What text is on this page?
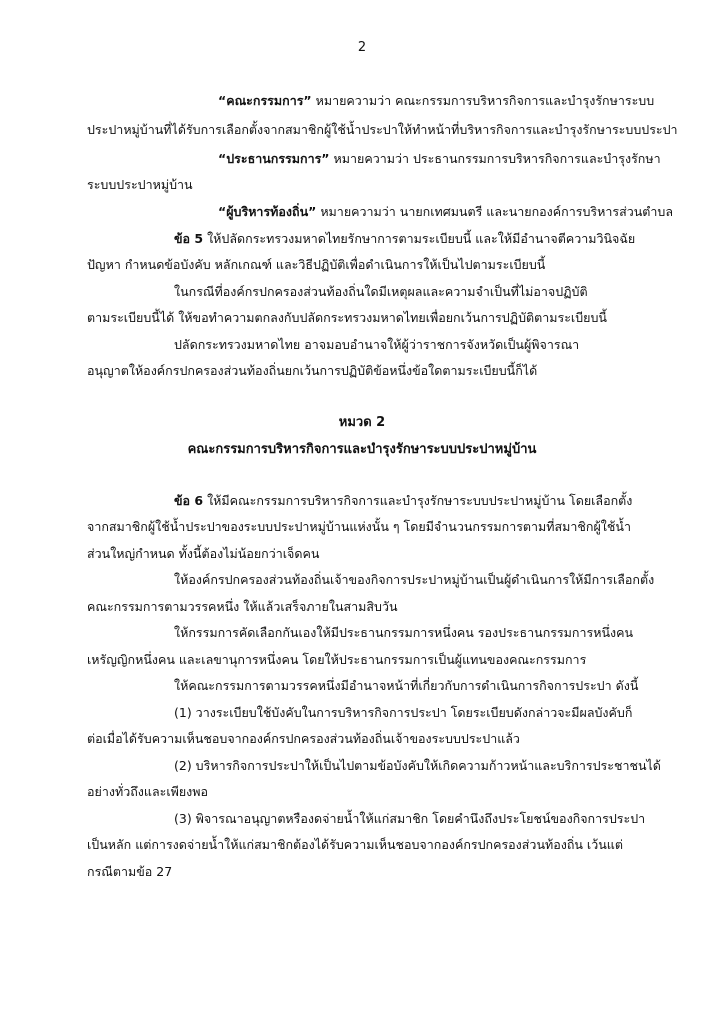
2
“คณะกรรมการ” หมายความว่า คณะกรรมการบริหารกิจการและบำรุงรักษาระบบ
ประปาหมู่บ้านที่ได้รับการเลือกตั้งจากสมาชิกผู้ใช้น้ำประปาให้ทำหน้าที่บริหารกิจการและบำรุงรักษาระบบประปา
“ประธานกรรมการ” หมายความว่า ประธานกรรมการบริหารกิจการและบำรุงรักษา
ระบบประปาหมู่บ้าน
“ผู้บริหารท้องถิ่น” หมายความว่า นายกเทศมนตรี และนายกองค์การบริหารส่วนตำบล
ข้อ 5 ให้ปลัดกระทรวงมหาดไทยรักษาการตามระเบียบนี้ และให้มีอำนาจตีความวินิจฉัย
ปัญหา กำหนดข้อบังคับ หลักเกณฑ์ และวิธีปฏิบัติเพื่อดำเนินการให้เป็นไปตามระเบียบนี้
ในกรณีที่องค์กรปกครองส่วนท้องถิ่นใดมีเหตุผลและความจำเป็นที่ไม่อาจปฏิบัติ
ตามระเบียบนี้ได้ ให้ขอทำความตกลงกับปลัดกระทรวงมหาดไทยเพื่อยกเว้นการปฏิบัติตามระเบียบนี้
ปลัดกระทรวงมหาดไทย อาจมอบอำนาจให้ผู้ว่าราชการจังหวัดเป็นผู้พิจารณา
อนุญาตให้องค์กรปกครองส่วนท้องถิ่นยกเว้นการปฏิบัติข้อหนึ่งข้อใดตามระเบียบนี้ก็ได้
หมวด 2
คณะกรรมการบริหารกิจการและบำรุงรักษาระบบประปาหมู่บ้าน
ข้อ 6 ให้มีคณะกรรมการบริหารกิจการและบำรุงรักษาระบบประปาหมู่บ้าน โดยเลือกตั้ง
จากสมาชิกผู้ใช้น้ำประปาของระบบประปาหมู่บ้านแห่งนั้น ๆ โดยมีจำนวนกรรมการตามที่สมาชิกผู้ใช้น้ำ
ส่วนใหญ่กำหนด ทั้งนี้ต้องไม่น้อยกว่าเจ็ดคน
ให้องค์กรปกครองส่วนท้องถิ่นเจ้าของกิจการประปาหมู่บ้านเป็นผู้ดำเนินการให้มีการเลือกตั้ง
คณะกรรมการตามวรรคหนึ่ง ให้แล้วเสร็จภายในสามสิบวัน
ให้กรรมการคัดเลือกกันเองให้มีประธานกรรมการหนึ่งคน รองประธานกรรมการหนึ่งคน
เหรัญญิกหนึ่งคน และเลขานุการหนึ่งคน โดยให้ประธานกรรมการเป็นผู้แทนของคณะกรรมการ
ให้คณะกรรมการตามวรรคหนึ่งมีอำนาจหน้าที่เกี่ยวกับการดำเนินการกิจการประปา ดังนี้
(1) วางระเบียบใช้บังคับในการบริหารกิจการประปา โดยระเบียบดังกล่าวจะมีผลบังคับก็
ต่อเมื่อได้รับความเห็นชอบจากองค์กรปกครองส่วนท้องถิ่นเจ้าของระบบประปาแล้ว
(2) บริหารกิจการประปาให้เป็นไปตามข้อบังคับให้เกิดความก้าวหน้าและบริการประชาชนได้
อย่างทั่วถึงและเพียงพอ
(3) พิจารณาอนุญาตหรืองดจ่ายน้ำให้แก่สมาชิก โดยคำนึงถึงประโยชน์ของกิจการประปา
เป็นหลัก แต่การงดจ่ายน้ำให้แก่สมาชิกต้องได้รับความเห็นชอบจากองค์กรปกครองส่วนท้องถิ่น เว้นแต่
กรณีตามข้อ 27
